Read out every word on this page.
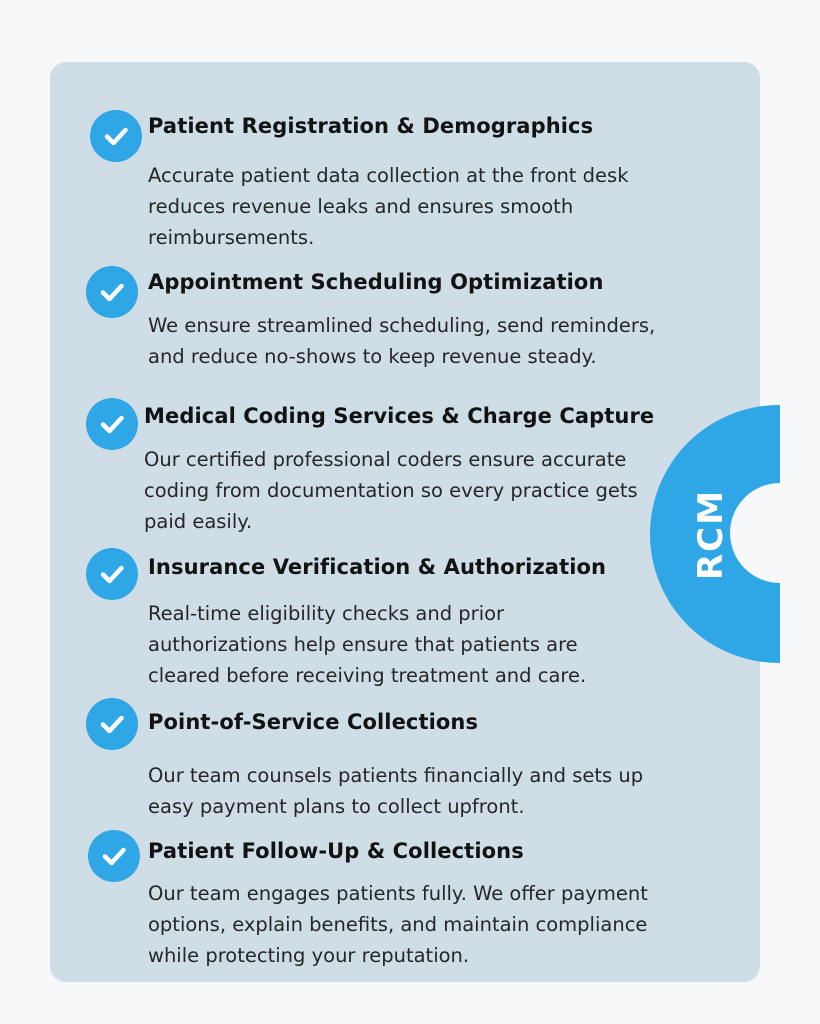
Patient Registration & Demographics
Accurate patient data collection at the front desk
reduces revenue leaks and ensures smooth
reimbursements.
Appointment Scheduling Optimization
We ensure streamlined scheduling, send reminders,
and reduce no-shows to keep revenue steady.
Medical Coding Services & Charge Capture
Our certified professional coders ensure accurate
coding from documentation so every practice gets
paid easily.
Insurance Verification & Authorization
Real-time eligibility checks and prior
authorizations help ensure that patients are
cleared before receiving treatment and care.
Point-of-Service Collections
Our team counsels patients financially and sets up
easy payment plans to collect upfront.
Patient Follow-Up & Collections
Our team engages patients fully. We offer payment
options, explain benefits, and maintain compliance
while protecting your reputation.
RCM
